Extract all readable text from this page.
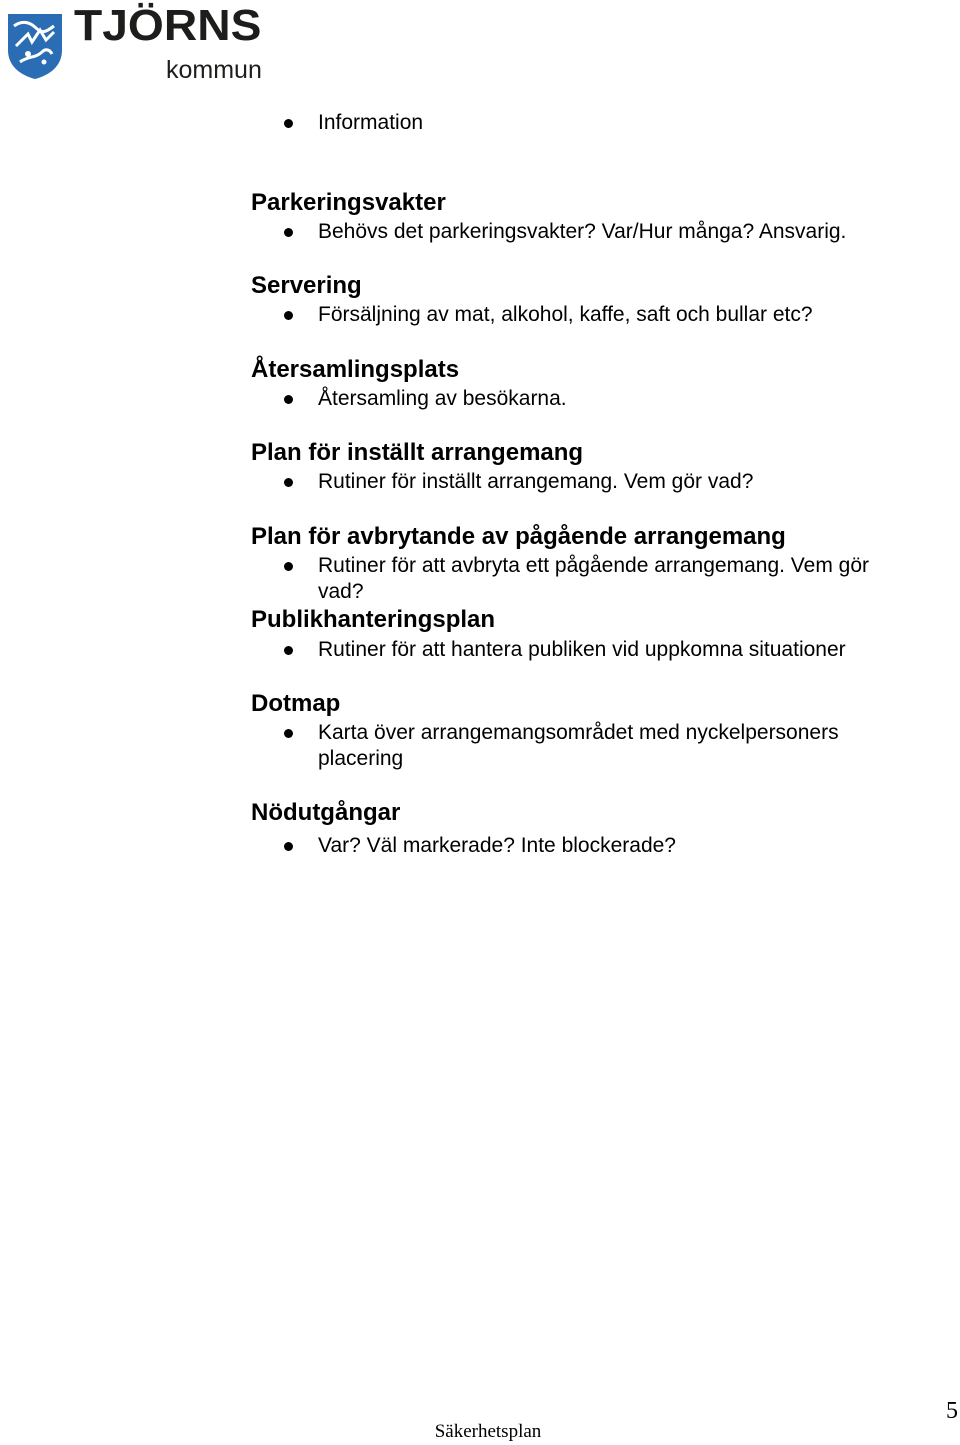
TJÖRNS
kommun
Information
Parkeringsvakter
Behövs det parkeringsvakter? Var/Hur många? Ansvarig.
Servering
Försäljning av mat, alkohol, kaffe, saft och bullar etc?
Återsamlingsplats
Återsamling av besökarna.
Plan för inställt arrangemang
Rutiner för inställt arrangemang. Vem gör vad?
Plan för avbrytande av pågående arrangemang
Rutiner för att avbryta ett pågående arrangemang. Vem gör vad?
Publikhanteringsplan
Rutiner för att hantera publiken vid uppkomna situationer
Dotmap
Karta över arrangemangsområdet med nyckelpersoners placering
Nödutgångar
Var? Väl markerade? Inte blockerade?
Säkerhetsplan
5
